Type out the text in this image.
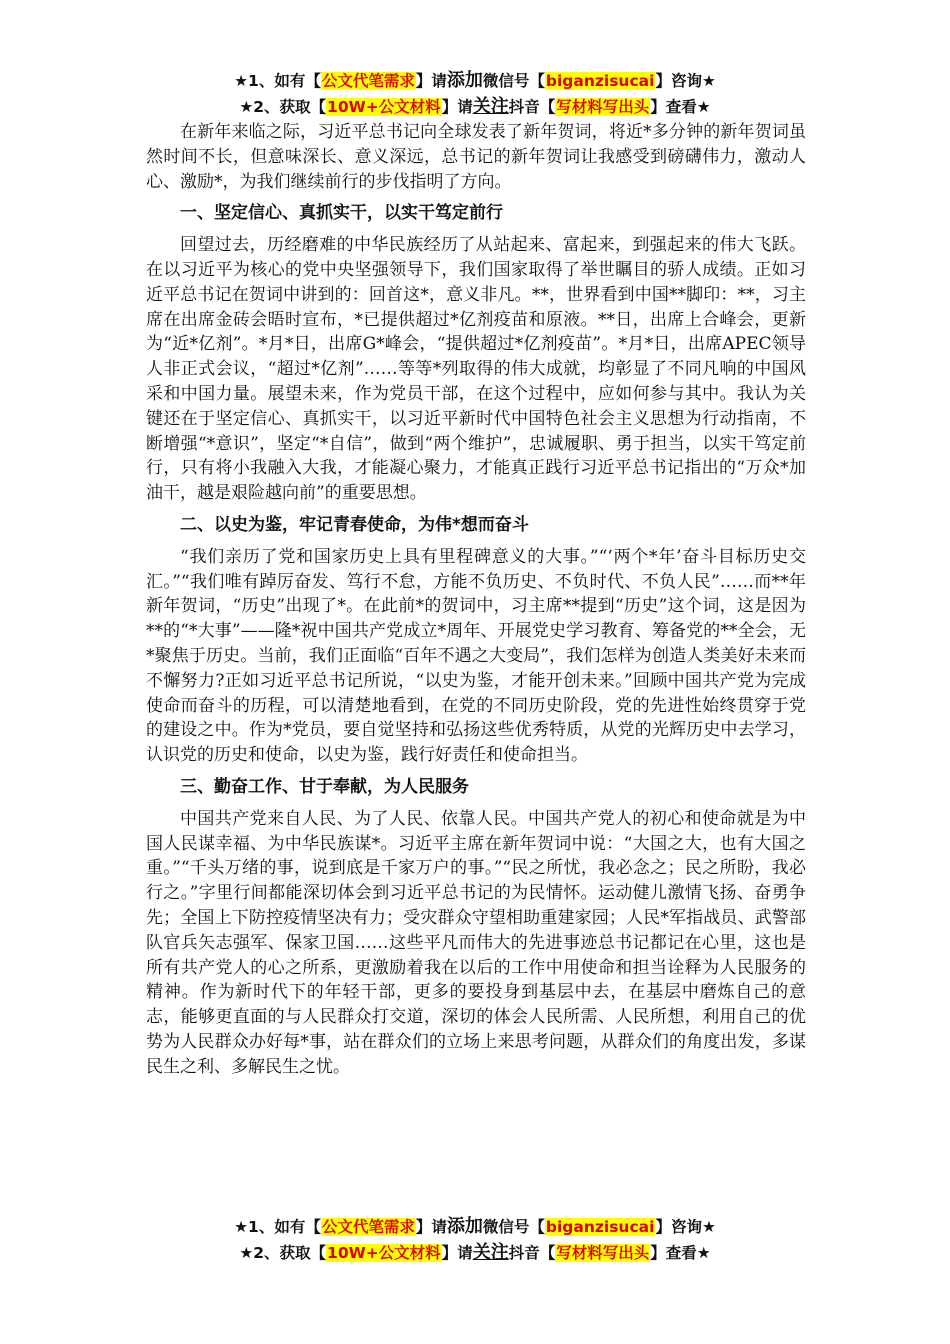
★1、如有【公文代笔需求】请添加微信号【biganzisucai】咨询★
★2、获取【10W+公文材料】请关注抖音【写材料写出头】查看★

在新年来临之际，习近平总书记向全球发表了新年贺词，将近*多分钟的新年贺词虽然时间不长，但意味深长、意义深远，总书记的新年贺词让我感受到磅礴伟力，激动人心、激励*，为我们继续前行的步伐指明了方向。

一、坚定信心、真抓实干，以实干笃定前行

回望过去，历经磨难的中华民族经历了从站起来、富起来，到强起来的伟大飞跃。在以习近平为核心的党中央坚强领导下，我们国家取得了举世瞩目的骄人成绩。正如习近平总书记在贺词中讲到的：回首这*，意义非凡。**，世界看到中国**脚印：**，习主席在出席金砖会晤时宣布，*已提供超过*亿剂疫苗和原液。**日，出席上合峰会，更新为“近*亿剂”。*月*日，出席G*峰会，“提供超过*亿剂疫苗”。*月*日，出席APEC领导人非正式会议，“超过*亿剂”……等等*列取得的伟大成就，均彰显了不同凡响的中国风采和中国力量。展望未来，作为党员干部，在这个过程中，应如何参与其中。我认为关键还在于坚定信心、真抓实干，以习近平新时代中国特色社会主义思想为行动指南，不断增强“*意识”，坚定“*自信”，做到“两个维护”，忠诚履职、勇于担当，以实干笃定前行，只有将小我融入大我，才能凝心聚力，才能真正践行习近平总书记指出的“万众*加油干，越是艰险越向前”的重要思想。

二、以史为鉴，牢记青春使命，为伟*想而奋斗

“我们亲历了党和国家历史上具有里程碑意义的大事。”“‘两个*年’奋斗目标历史交汇。”“我们唯有踔厉奋发、笃行不怠，方能不负历史、不负时代、不负人民”……而**年新年贺词，“历史”出现了*。在此前*的贺词中，习主席**提到“历史”这个词，这是因为**的“*大事”——隆*祝中国共产党成立*周年、开展党史学习教育、筹备党的**全会，无*聚焦于历史。当前，我们正面临“百年不遇之大变局”，我们怎样为创造人类美好未来而不懈努力?正如习近平总书记所说，“以史为鉴，才能开创未来。”回顾中国共产党为完成使命而奋斗的历程，可以清楚地看到，在党的不同历史阶段，党的先进性始终贯穿于党的建设之中。作为*党员，要自觉坚持和弘扬这些优秀特质，从党的光辉历史中去学习，认识党的历史和使命，以史为鉴，践行好责任和使命担当。

三、勤奋工作、甘于奉献，为人民服务

中国共产党来自人民、为了人民、依靠人民。中国共产党人的初心和使命就是为中国人民谋幸福、为中华民族谋*。习近平主席在新年贺词中说：“大国之大，也有大国之重。”“千头万绪的事，说到底是千家万户的事。”“民之所忧，我必念之；民之所盼，我必行之。”字里行间都能深切体会到习近平总书记的为民情怀。运动健儿激情飞扬、奋勇争先；全国上下防控疫情坚决有力；受灾群众守望相助重建家园；人民*军指战员、武警部队官兵矢志强军、保家卫国……这些平凡而伟大的先进事迹总书记都记在心里，这也是所有共产党人的心之所系，更激励着我在以后的工作中用使命和担当诠释为人民服务的精神。作为新时代下的年轻干部，更多的要投身到基层中去，在基层中磨炼自己的意志，能够更直面的与人民群众打交道，深切的体会人民所需、人民所想，利用自己的优势为人民群众办好每*事，站在群众们的立场上来思考问题，从群众们的角度出发，多谋民生之利、多解民生之忧。

★1、如有【公文代笔需求】请添加微信号【biganzisucai】咨询★
★2、获取【10W+公文材料】请关注抖音【写材料写出头】查看★
